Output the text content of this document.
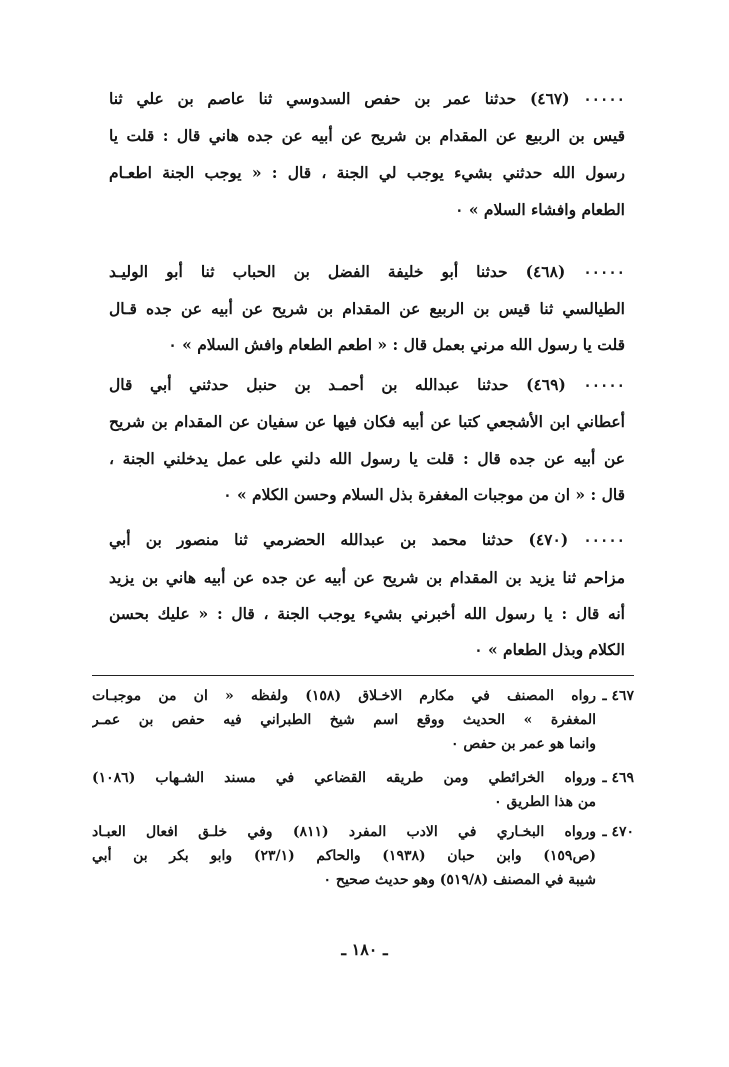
٠٠٠٠٠ (٤٦٧) حدثنا عمر بن حفص السدوسي ثنا عاصم بن علي ثنا
قيس بن الربيع عن المقدام بن شريح عن أبيه عن جده هاني قال : قلت يا
رسول الله حدثني بشيء يوجب لي الجنة ، قال : « يوجب الجنة اطعـام
الطعام وافشاء السلام » ٠
٠٠٠٠٠ (٤٦٨) حدثنا أبو خليفة الفضل بن الحباب ثنا أبو الوليـد
الطيالسي ثنا قيس بن الربيع عن المقدام بن شريح عن أبيه عن جده قـال
قلت يا رسول الله مرني بعمل قال : « اطعم الطعام وافش السلام » ٠
٠٠٠٠٠ (٤٦٩) حدثنا عبدالله بن أحمـد بن حنبل حدثني أبي قال
أعطاني ابن الأشجعي كتبا عن أبيه فكان فيها عن سفيان عن المقدام بن شريح
عن أبيه عن جده قال : قلت يا رسول الله دلني على عمل يدخلني الجنة ،
قال : « ان من موجبات المغفرة بذل السلام وحسن الكلام » ٠
٠٠٠٠٠ (٤٧٠) حدثنا محمد بن عبدالله الحضرمي ثنا منصور بن أبي
مزاحم ثنا يزيد بن المقدام بن شريح عن أبيه عن جده عن أبيه هاني بن يزيد
أنه قال : يا رسول الله أخبرني بشيء يوجب الجنة ، قال : « عليك بحسن
الكلام وبذل الطعام » ٠
٤٦٧ ـ
رواه المصنف في مكارم الاخـلاق (١٥٨) ولفظه « ان من موجبـات
المغفرة » الحديث ووقع اسم شيخ الطبراني فيه حفص بن عمـر
وانما هو عمر بن حفص ٠
٤٦٩ ـ
ورواه الخرائطي ومن طريقه القضاعي في مسند الشـهاب (١٠٨٦)
من هذا الطريق ٠
٤٧٠ ـ
ورواه البخـاري في الادب المفرد (٨١١) وفي خلـق افعال العبـاد
(ص١٥٩) وابن حبان (١٩٣٨) والحاكم (٢٣/١) وابو بكر بن أبي
شيبة في المصنف (٥١٩/٨) وهو حديث صحيح ٠
ـ ١٨٠ ـ
